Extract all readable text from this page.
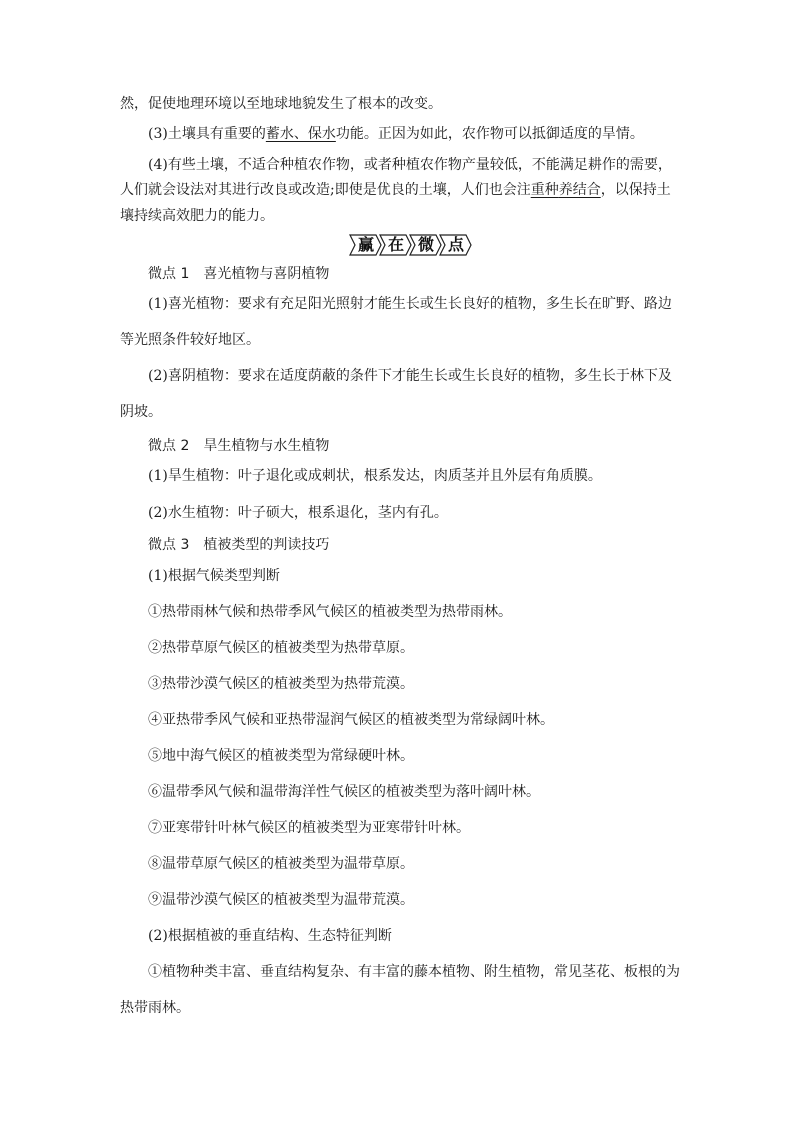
然，促使地理环境以至地球地貌发生了根本的改变。
(3)土壤具有重要的蓄水、保水功能。正因为如此，农作物可以抵御适度的旱情。
(4)有些土壤，不适合种植农作物，或者种植农作物产量较低，不能满足耕作的需要，
人们就会设法对其进行改良或改造;即使是优良的土壤，人们也会注重种养结合，以保持土
壤持续高效肥力的能力。
赢 在 微 点
微点 1　喜光植物与喜阴植物
(1)喜光植物：要求有充足阳光照射才能生长或生长良好的植物，多生长在旷野、路边
等光照条件较好地区。
(2)喜阴植物：要求在适度荫蔽的条件下才能生长或生长良好的植物，多生长于林下及
阴坡。
微点 2　旱生植物与水生植物
(1)旱生植物：叶子退化或成刺状，根系发达，肉质茎并且外层有角质膜。
(2)水生植物：叶子硕大，根系退化，茎内有孔。
微点 3　植被类型的判读技巧
(1)根据气候类型判断
①热带雨林气候和热带季风气候区的植被类型为热带雨林。
②热带草原气候区的植被类型为热带草原。
③热带沙漠气候区的植被类型为热带荒漠。
④亚热带季风气候和亚热带湿润气候区的植被类型为常绿阔叶林。
⑤地中海气候区的植被类型为常绿硬叶林。
⑥温带季风气候和温带海洋性气候区的植被类型为落叶阔叶林。
⑦亚寒带针叶林气候区的植被类型为亚寒带针叶林。
⑧温带草原气候区的植被类型为温带草原。
⑨温带沙漠气候区的植被类型为温带荒漠。
(2)根据植被的垂直结构、生态特征判断
①植物种类丰富、垂直结构复杂、有丰富的藤本植物、附生植物，常见茎花、板根的为
热带雨林。
